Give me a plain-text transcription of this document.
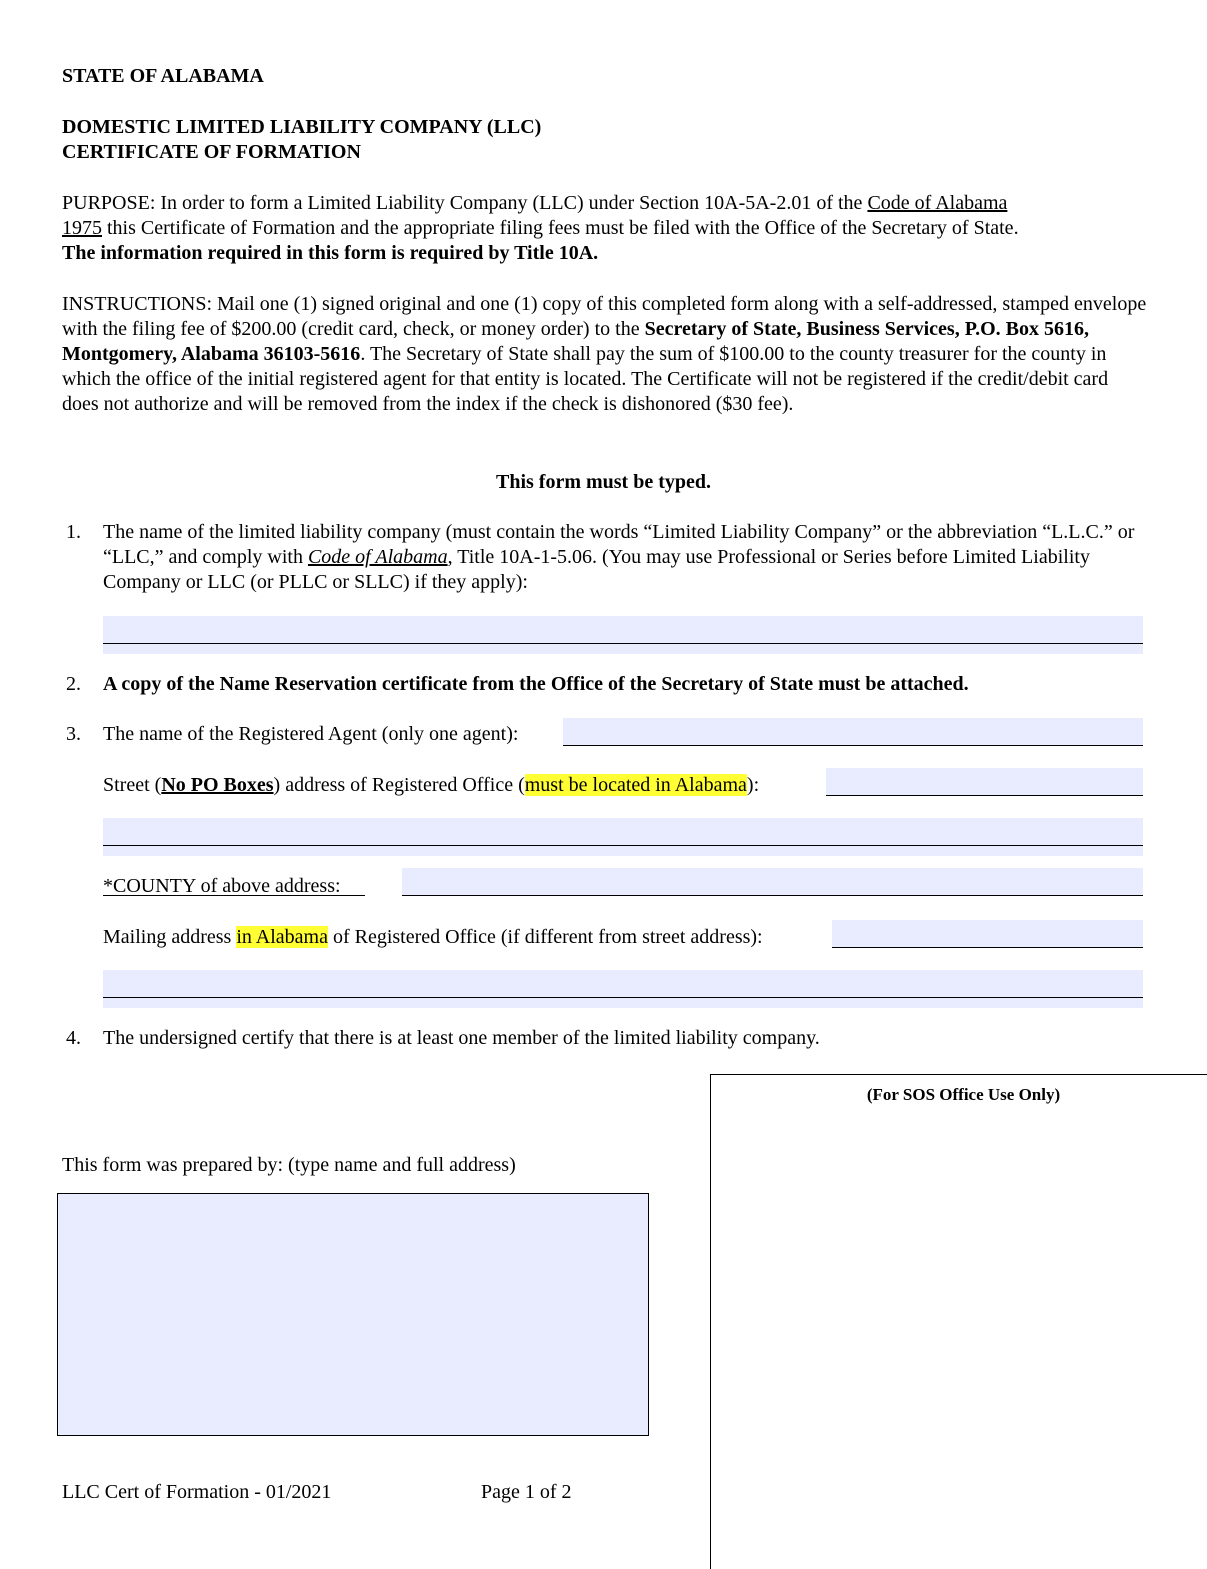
STATE OF ALABAMA
DOMESTIC LIMITED LIABILITY COMPANY (LLC)
CERTIFICATE OF FORMATION

PURPOSE: In order to form a Limited Liability Company (LLC) under Section 10A-5A-2.01 of the Code of Alabama
1975 this Certificate of Formation and the appropriate filing fees must be filed with the Office of the Secretary of State.
The information required in this form is required by Title 10A.

INSTRUCTIONS: Mail one (1) signed original and one (1) copy of this completed form along with a self-addressed, stamped envelope with the filing fee of $200.00 (credit card, check, or money order) to the Secretary of State, Business Services, P.O. Box 5616, Montgomery, Alabama 36103-5616. The Secretary of State shall pay the sum of $100.00 to the county treasurer for the county in which the office of the initial registered agent for that entity is located. The Certificate will not be registered if the credit/debit card does not authorize and will be removed from the index if the check is dishonored ($30 fee).

This form must be typed.
1. The name of the limited liability company (must contain the words “Limited Liability Company” or the abbreviation “L.L.C.” or “LLC,” and comply with Code of Alabama, Title 10A-1-5.06. (You may use Professional or Series before Limited Liability Company or LLC (or PLLC or SLLC) if they apply):

2. A copy of the Name Reservation certificate from the Office of the Secretary of State must be attached.
3. The name of the Registered Agent (only one agent):
Street (No PO Boxes) address of Registered Office (must be located in Alabama):
*COUNTY of above address:
Mailing address in Alabama of Registered Office (if different from street address):
4. The undersigned certify that there is at least one member of the limited liability company.
(For SOS Office Use Only)
This form was prepared by: (type name and full address)
LLC Cert of Formation - 01/2021	Page 1 of 2
